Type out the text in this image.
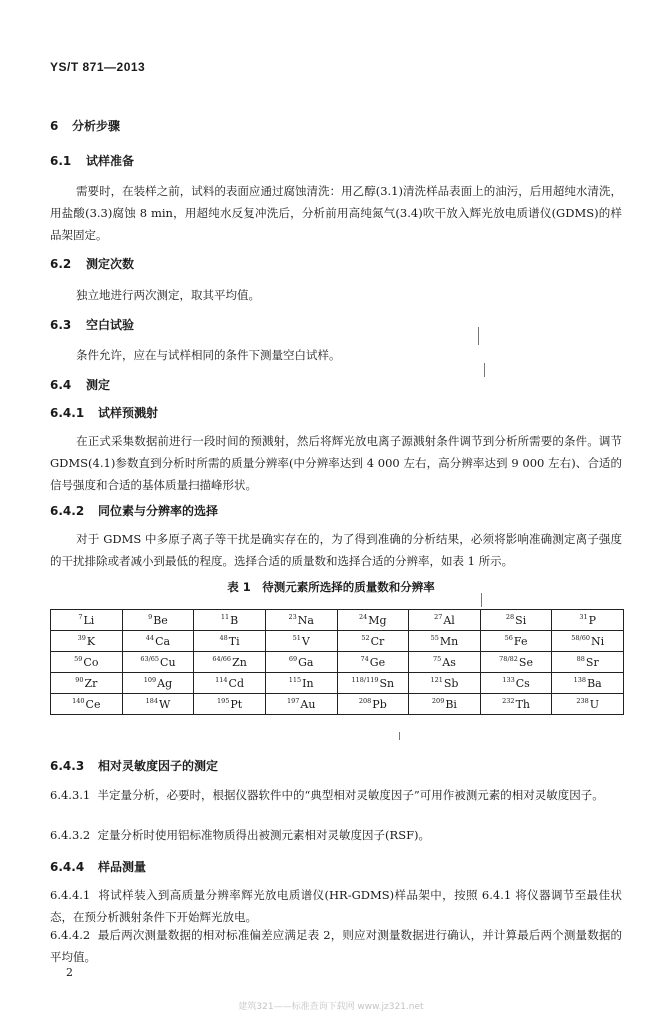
YS/T 871—2013
6 分析步骤
6.1 试样准备
需要时，在装样之前，试料的表面应通过腐蚀清洗：用乙醇(3.1)清洗样品表面上的油污，后用超纯水清洗，用盐酸(3.3)腐蚀 8 min，用超纯水反复冲洗后，分析前用高纯氮气(3.4)吹干放入辉光放电质谱仪(GDMS)的样品架固定。
6.2 测定次数
独立地进行两次测定，取其平均值。
6.3 空白试验
条件允许，应在与试样相同的条件下测量空白试样。
6.4 测定
6.4.1 试样预溅射
在正式采集数据前进行一段时间的预溅射，然后将辉光放电离子源溅射条件调节到分析所需要的条件。调节 GDMS(4.1)参数直到分析时所需的质量分辨率(中分辨率达到 4 000 左右，高分辨率达到 9 000 左右)、合适的信号强度和合适的基体质量扫描峰形状。
6.4.2 同位素与分辨率的选择
对于 GDMS 中多原子离子等干扰是确实存在的，为了得到准确的分析结果，必须将影响准确测定离子强度的干扰排除或者减小到最低的程度。选择合适的质量数和选择合适的分辨率，如表 1 所示。
表 1　待测元素所选择的质量数和分辨率
$^7$Li	$^9$Be	$^{11}$B	$^{23}$Na	$^{24}$Mg	$^{27}$Al	$^{28}$Si	$^{31}$P
$^{39}$K	$^{44}$Ca	$^{48}$Ti	$^{51}$V	$^{52}$Cr	$^{55}$Mn	$^{56}$Fe	$^{58/60}$Ni
$^{59}$Co	$^{63/65}$Cu	$^{64/66}$Zn	$^{69}$Ga	$^{74}$Ge	$^{75}$As	$^{78/82}$Se	$^{88}$Sr
$^{90}$Zr	$^{109}$Ag	$^{114}$Cd	$^{115}$In	$^{118/119}$Sn	$^{121}$Sb	$^{133}$Cs	$^{138}$Ba
$^{140}$Ce	$^{184}$W	$^{195}$Pt	$^{197}$Au	$^{208}$Pb	$^{209}$Bi	$^{232}$Th	$^{238}$U
6.4.3 相对灵敏度因子的测定
6.4.3.1 半定量分析，必要时，根据仪器软件中的“典型相对灵敏度因子”可用作被测元素的相对灵敏度因子。
6.4.3.2 定量分析时使用铝标准物质得出被测元素相对灵敏度因子(RSF)。
6.4.4 样品测量
6.4.4.1 将试样装入到高质量分辨率辉光放电质谱仪(HR-GDMS)样品架中，按照 6.4.1 将仪器调节至最佳状态，在预分析溅射条件下开始辉光放电。
6.4.4.2 最后两次测量数据的相对标准偏差应满足表 2，则应对测量数据进行确认，并计算最后两个测量数据的平均值。
2
建筑321——标准查询下载网 www.jz321.net
